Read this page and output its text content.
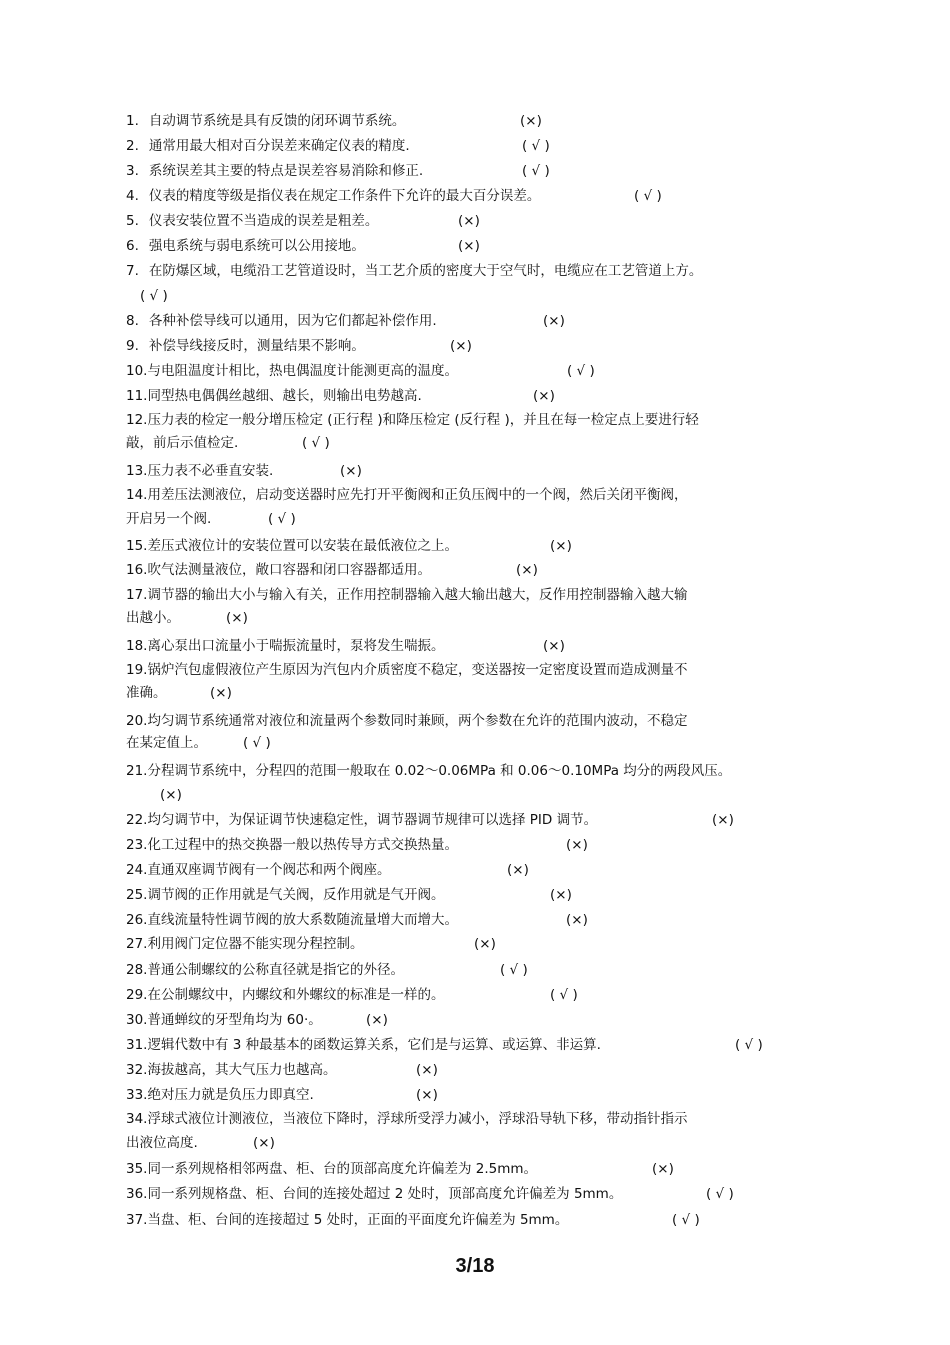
1. 自动调节系统是具有反馈的闭环调节系统。	(×)
2. 通常用最大相对百分误差来确定仪表的精度.	( √ )
3. 系统误差其主要的特点是误差容易消除和修正.	( √ )
4. 仪表的精度等级是指仪表在规定工作条件下允许的最大百分误差。	( √ )
5. 仪表安装位置不当造成的误差是粗差。	(×)
6. 强电系统与弱电系统可以公用接地。	(×)
7. 在防爆区域，电缆沿工艺管道设时，当工艺介质的密度大于空气时，电缆应在工艺管道上方。
( √ )
8. 各种补偿导线可以通用，因为它们都起补偿作用.	(×)
9. 补偿导线接反时，测量结果不影响。	(×)
10.与电阻温度计相比，热电偶温度计能测更高的温度。	( √ )
11.同型热电偶偶丝越细、越长，则输出电势越高.	(×)
12.压力表的检定一般分增压检定 (正行程 )和降压检定 (反行程 )，并且在每一检定点上要进行轻
敲，前后示值检定.	( √ )
13.压力表不必垂直安装.	(×)
14.用差压法测液位，启动变送器时应先打开平衡阀和正负压阀中的一个阀，然后关闭平衡阀，
开启另一个阀.	( √ )
15.差压式液位计的安装位置可以安装在最低液位之上。	(×)
16.吹气法测量液位，敞口容器和闭口容器都适用。	(×)
17.调节器的输出大小与输入有关，正作用控制器输入越大输出越大，反作用控制器输入越大输
出越小。	(×)
18.离心泵出口流量小于喘振流量时，泵将发生喘振。	(×)
19.锅炉汽包虚假液位产生原因为汽包内介质密度不稳定，变送器按一定密度设置而造成测量不
准确。	(×)
20.均匀调节系统通常对液位和流量两个参数同时兼顾，两个参数在允许的范围内波动，不稳定
在某定值上。	( √ )
21.分程调节系统中，分程四的范围一般取在 0.02～0.06MPa 和 0.06～0.10MPa 均分的两段风压。
(×)
22.均匀调节中，为保证调节快速稳定性，调节器调节规律可以选择 PID 调节。	(×)
23.化工过程中的热交换器一般以热传导方式交换热量。	(×)
24.直通双座调节阀有一个阀芯和两个阀座。	(×)
25.调节阀的正作用就是气关阀，反作用就是气开阀。	(×)
26.直线流量特性调节阀的放大系数随流量增大而增大。	(×)
27.利用阀门定位器不能实现分程控制。	(×)
28.普通公制螺纹的公称直径就是指它的外径。	( √ )
29.在公制螺纹中，内螺纹和外螺纹的标准是一样的。	( √ )
30.普通蝉纹的牙型角均为 60·。	(×)
31.逻辑代数中有 3 种最基本的函数运算关系，它们是与运算、或运算、非运算.	( √ )
32.海拔越高，其大气压力也越高。	(×)
33.绝对压力就是负压力即真空.	(×)
34.浮球式液位计测液位，当液位下降时，浮球所受浮力减小，浮球沿导轨下移，带动指针指示
出液位高度.	(×)
35.同一系列规格相邻两盘、柜、台的顶部高度允许偏差为 2.5mm。	(×)
36.同一系列规格盘、柜、台间的连接处超过 2 处时，顶部高度允许偏差为 5mm。	( √ )
37.当盘、柜、台间的连接超过 5 处时，正面的平面度允许偏差为 5mm。	( √ )
3/18
